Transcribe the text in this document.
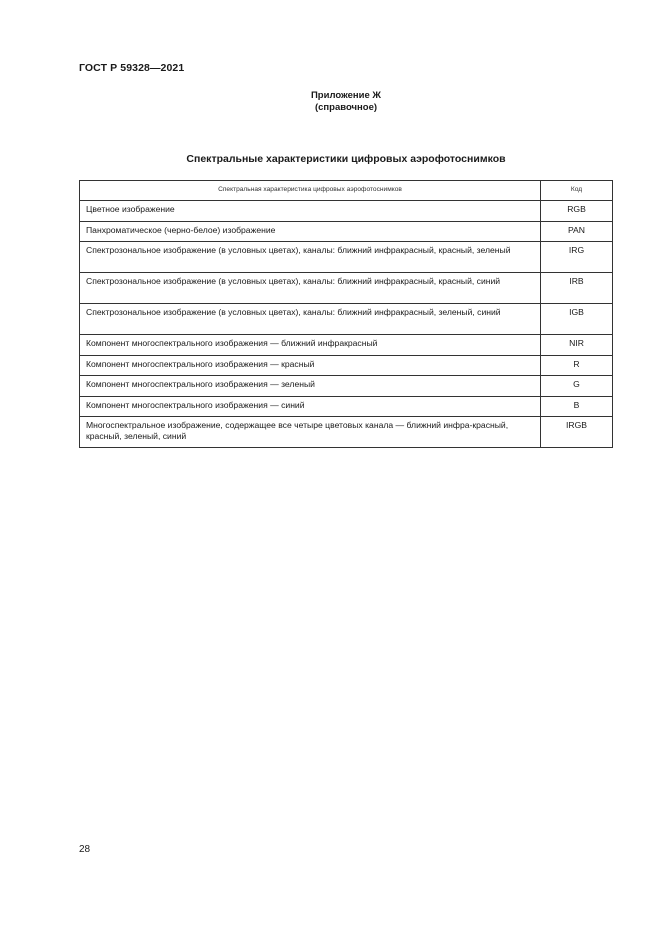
ГОСТ Р 59328—2021
Приложение Ж
(справочное)
Спектральные характеристики цифровых аэрофотоснимков
Спектральная характеристика цифровых аэрофотоснимков	Код
Цветное изображение	RGB
Панхроматическое (черно-белое) изображение	PAN
Спектрозональное изображение (в условных цветах), каналы: ближний инфракрасный, красный, зеленый	IRG
Спектрозональное изображение (в условных цветах), каналы: ближний инфракрасный, красный, синий	IRB
Спектрозональное изображение (в условных цветах), каналы: ближний инфракрасный, зеленый, синий	IGB
Компонент многоспектрального изображения — ближний инфракрасный	NIR
Компонент многоспектрального изображения — красный	R
Компонент многоспектрального изображения — зеленый	G
Компонент многоспектрального изображения — синий	B
Многоспектральное изображение, содержащее все четыре цветовых канала — ближний инфра-красный, красный, зеленый, синий	IRGB
28
